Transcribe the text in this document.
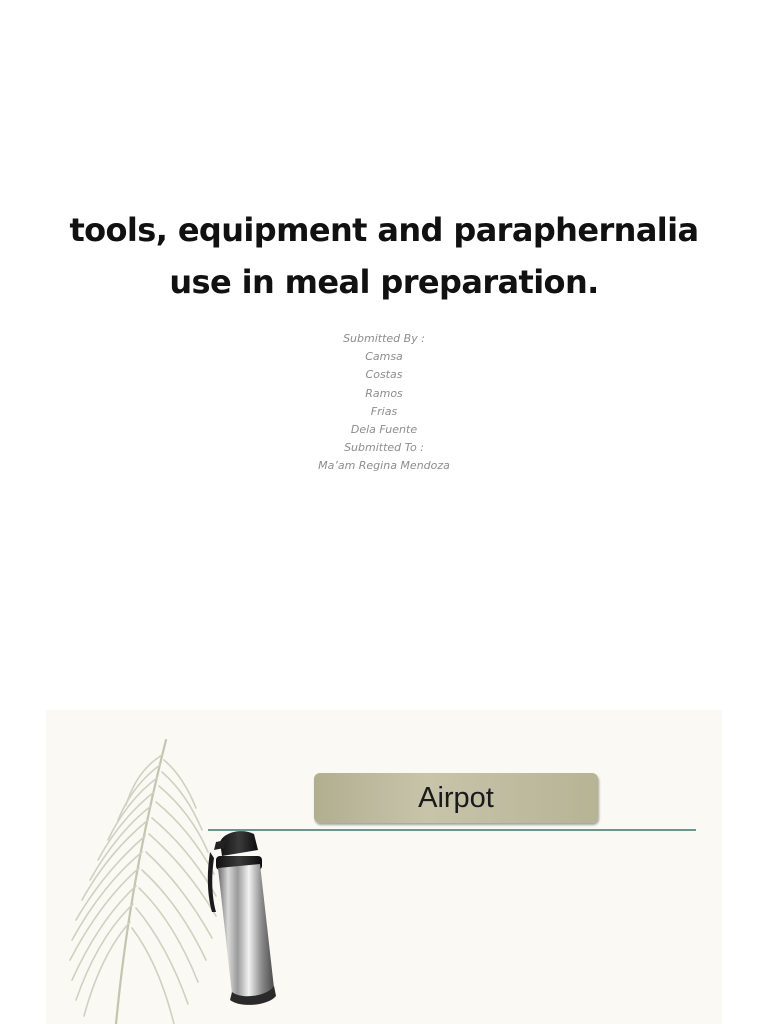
tools, equipment and paraphernalia
use in meal preparation.
Submitted By :
Camsa
Costas
Ramos
Frias
Dela Fuente
Submitted To :
Ma’am Regina Mendoza
Airpot
